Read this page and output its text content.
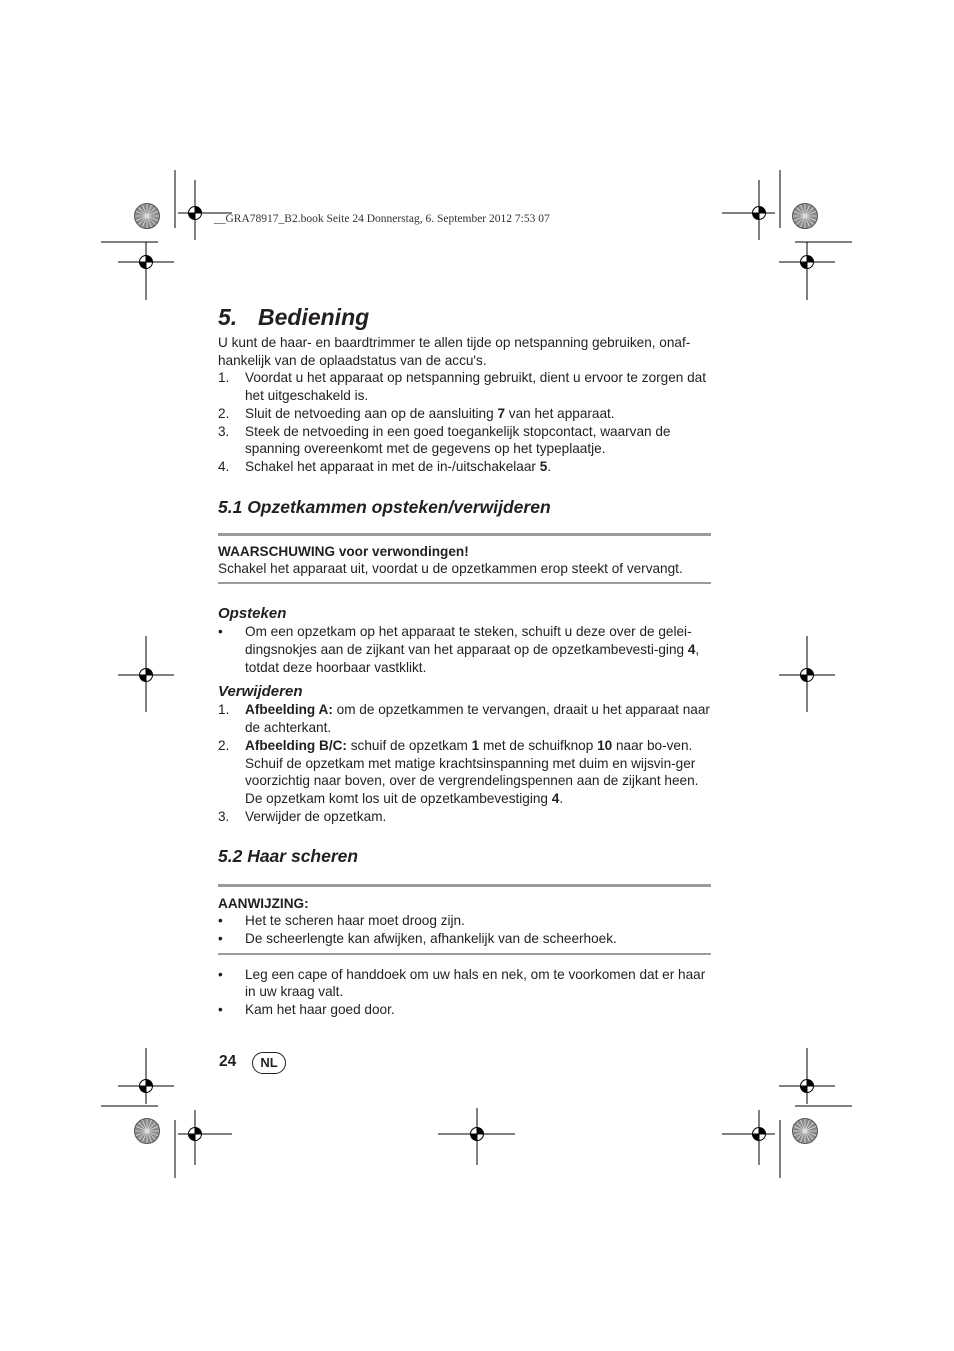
__GRA78917_B2.book Seite 24 Donnerstag, 6. September 2012 7:53 07
5. Bediening

U kunt de haar- en baardtrimmer te allen tijde op netspanning gebruiken, onaf-hankelijk van de oplaadstatus van de accu's.

1. Voordat u het apparaat op netspanning gebruikt, dient u ervoor te zorgen dat het uitgeschakeld is.
2. Sluit de netvoeding aan op de aansluiting 7 van het apparaat.
3. Steek de netvoeding in een goed toegankelijk stopcontact, waarvan de spanning overeenkomt met de gegevens op het typeplaatje.
4. Schakel het apparaat in met de in-/uitschakelaar 5.
5.1 Opzetkammen opsteken/verwijderen
WAARSCHUWING voor verwondingen!
Schakel het apparaat uit, voordat u de opzetkammen erop steekt of vervangt.
Opsteken
• Om een opzetkam op het apparaat te steken, schuift u deze over de gelei-dingsnokjes aan de zijkant van het apparaat op de opzetkambevesti-ging 4, totdat deze hoorbaar vastklikt.
Verwijderen
1. Afbeelding A: om de opzetkammen te vervangen, draait u het apparaat naar de achterkant.
2. Afbeelding B/C: schuif de opzetkam 1 met de schuifknop 10 naar bo-ven. Schuif de opzetkam met matige krachtsinspanning met duim en wijsvin-ger voorzichtig naar boven, over de vergrendelingspennen aan de zijkant heen. De opzetkam komt los uit de opzetkambevestiging 4.
3. Verwijder de opzetkam.
5.2 Haar scheren
AANWIJZING:
• Het te scheren haar moet droog zijn.
• De scheerlengte kan afwijken, afhankelijk van de scheerhoek.
• Leg een cape of handdoek om uw hals en nek, om te voorkomen dat er haar in uw kraag valt.
• Kam het haar goed door.
24	NL
